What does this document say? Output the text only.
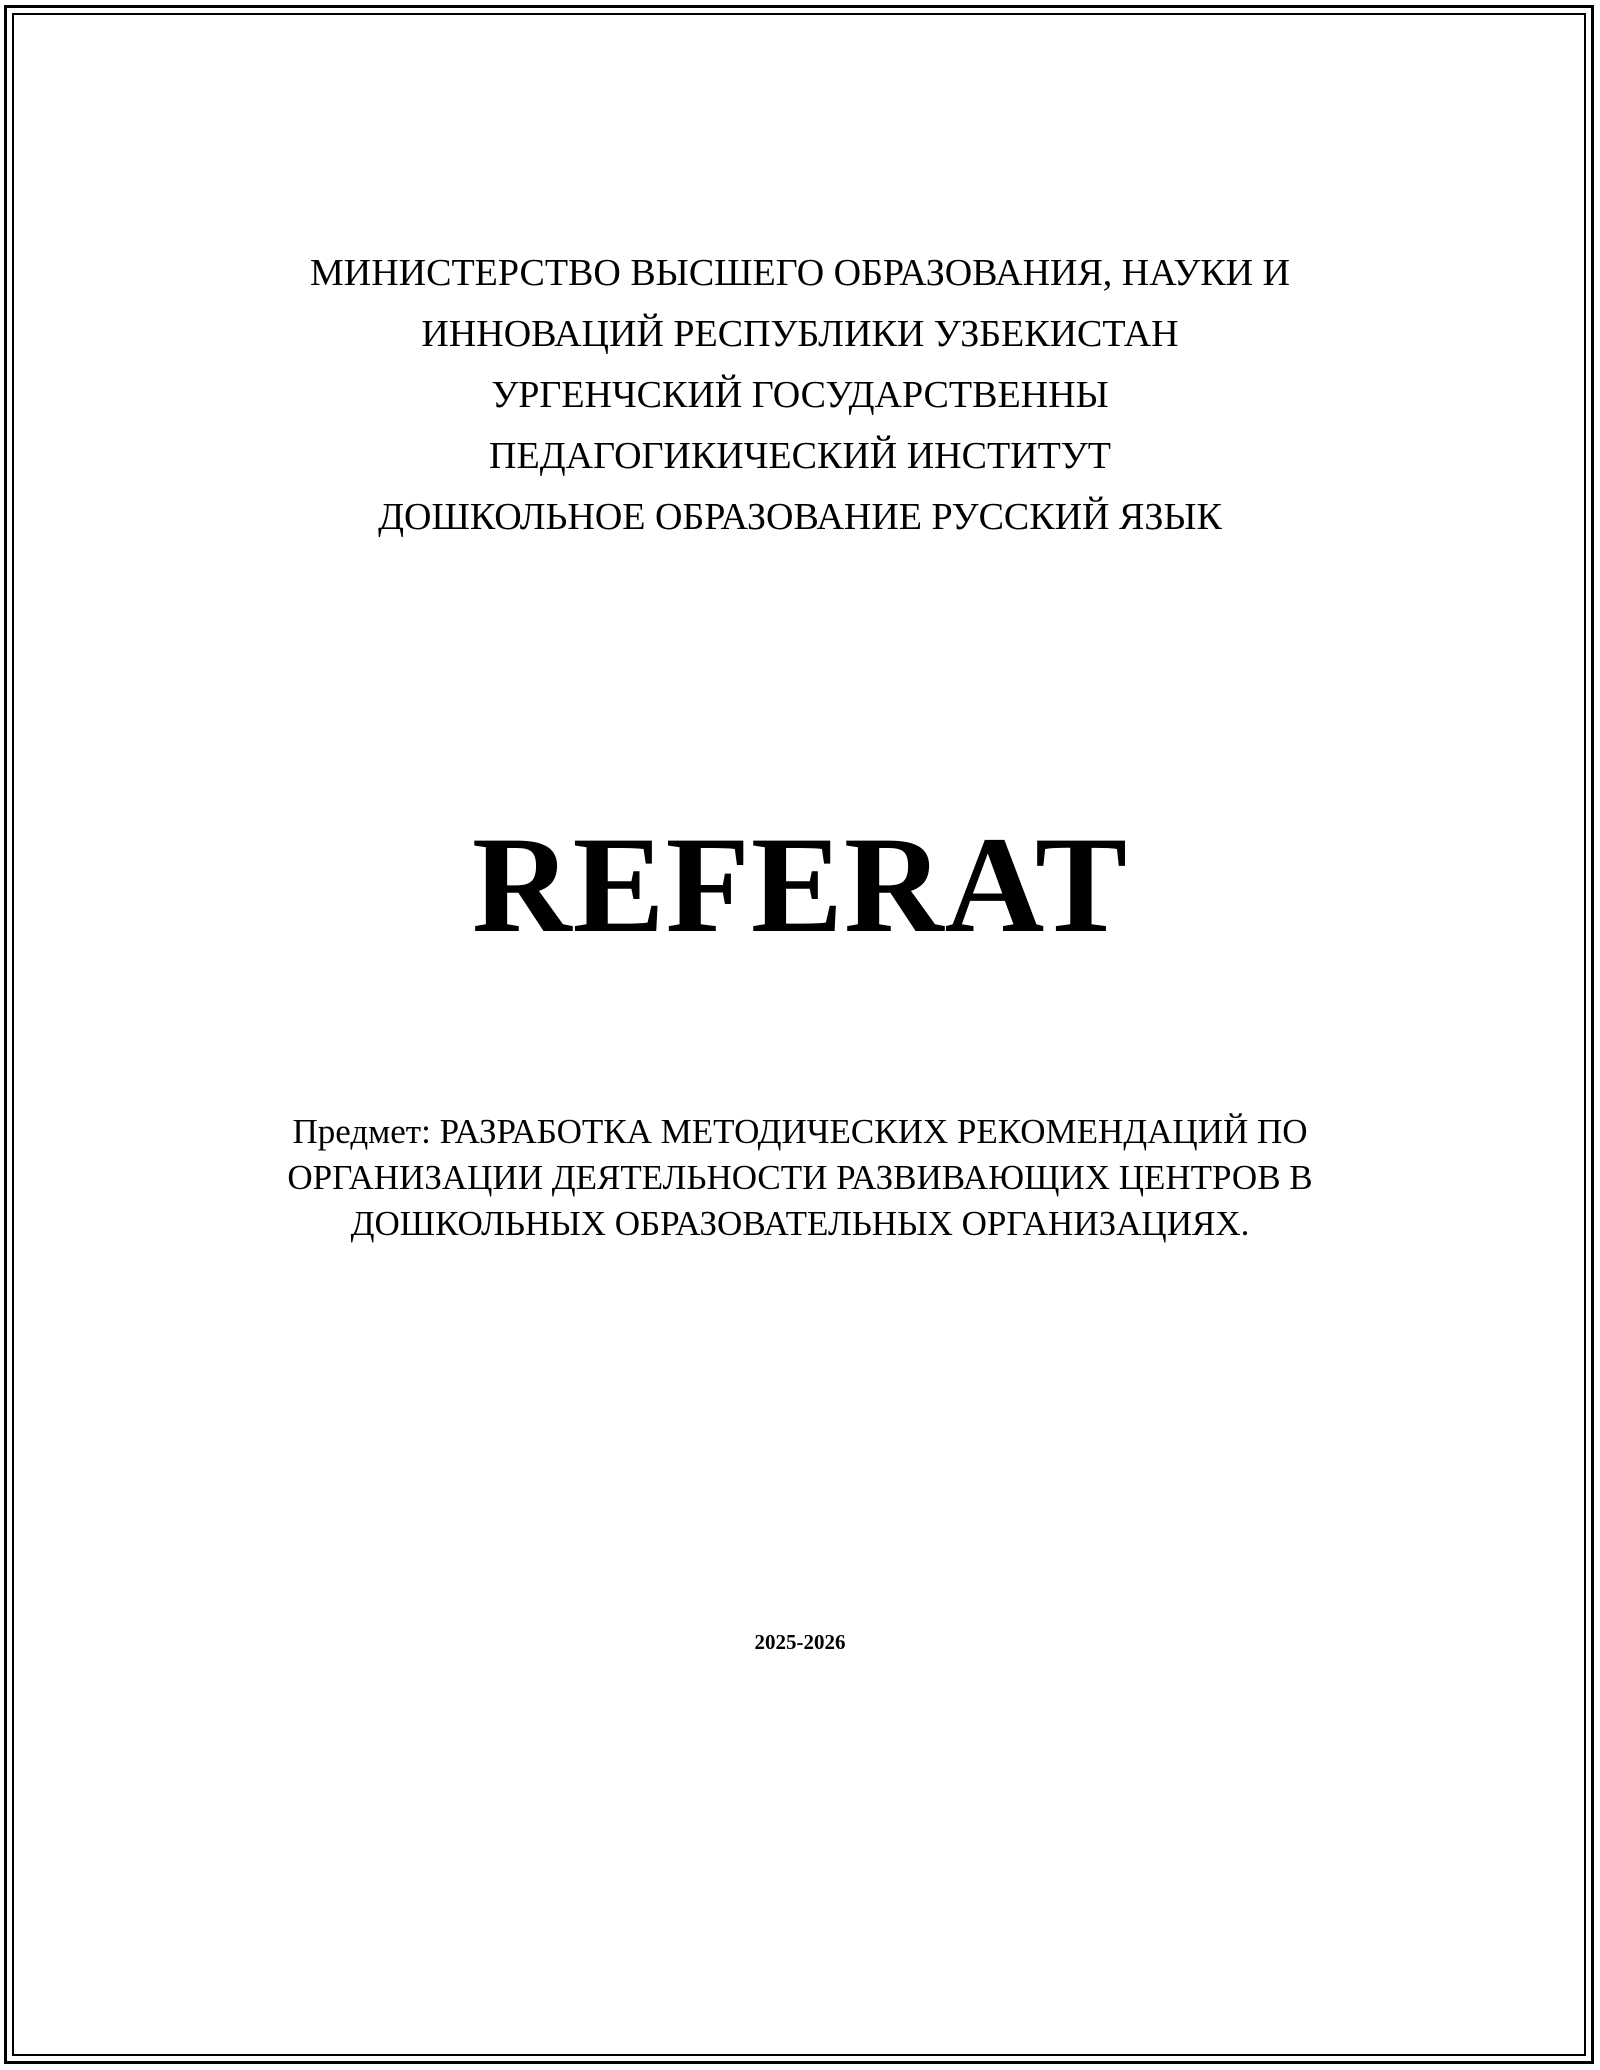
МИНИСТЕРСТВО ВЫСШЕГО ОБРАЗОВАНИЯ, НАУКИ И
ИННОВАЦИЙ РЕСПУБЛИКИ УЗБЕКИСТАН
УРГЕНЧСКИЙ ГОСУДАРСТВЕННЫ
ПЕДАГОГИКИЧЕСКИЙ ИНСТИТУТ
ДОШКОЛЬНОЕ ОБРАЗОВАНИЕ РУССКИЙ ЯЗЫК
REFERAT
Предмет: РАЗРАБОТКА МЕТОДИЧЕСКИХ РЕКОМЕНДАЦИЙ ПО
ОРГАНИЗАЦИИ ДЕЯТЕЛЬНОСТИ РАЗВИВАЮЩИХ ЦЕНТРОВ В
ДОШКОЛЬНЫХ ОБРАЗОВАТЕЛЬНЫХ ОРГАНИЗАЦИЯХ.
2025-2026
